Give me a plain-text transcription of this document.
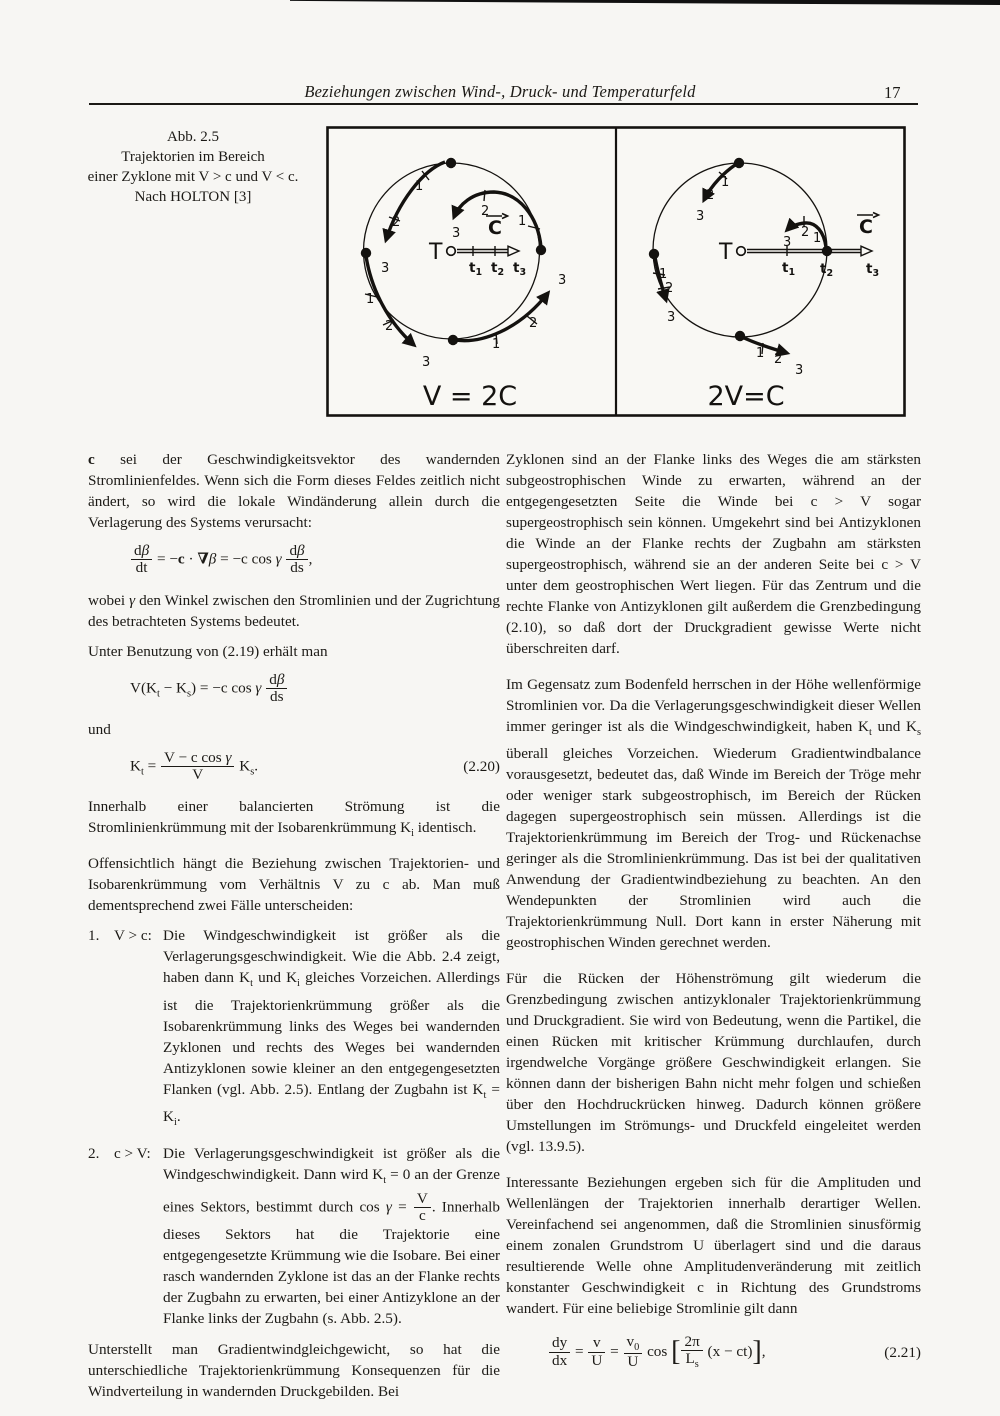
Beziehungen zwischen Wind-, Druck- und Temperaturfeld	17
Abb. 2.5
Trajektorien im Bereich
einer Zyklone mit V > c und V < c.
Nach HOLTON [3]
T
C
1
2
3
1
2
3
1
2
3
1
2
3
$t_1$ $t_2$ $t_3$
V = 2C
T
C
1
2
3
1
2
3
1
2
3
1 2
3
$t_1$ $t_2$ $t_3$
2V=C

c sei der Geschwindigkeitsvektor des wandernden Stromlinienfeldes. Wenn sich die Form dieses Feldes zeitlich nicht ändert, so wird die lokale Windänderung allein durch die Verlagerung des Systems verursacht:

$\frac{d\beta}{dt} = -c \cdot \nabla\beta = -c$ cos γ $\frac{d\beta}{ds}$ ,

wobei γ den Winkel zwischen den Stromlinien und der Zugrichtung des betrachteten Systems bedeutet.

Unter Benutzung von (2.19) erhält man

$V(K_t - K_s) = -c$ cos γ $\frac{d\beta}{ds}$

und

$K_t = \frac{\text{V − c cos γ}}{V} K_s$.	(2.20)

Innerhalb einer balancierten Strömung ist die Stromlinienkrümmung mit der Isobarenkrümmung $K_i$ identisch.

Offensichtlich hängt die Beziehung zwischen Trajektorien- und Isobarenkrümmung vom Verhältnis V zu c ab. Man muß dementsprechend zwei Fälle unterscheiden:

1. V > c: Die Windgeschwindigkeit ist größer als die Verlagerungsgeschwindigkeit. Wie die Abb. 2.4 zeigt, haben dann $K_t$ und $K_i$ gleiches Vorzeichen. Allerdings ist die Trajektorienkrümmung größer als die Isobarenkrümmung links des Weges bei wandernden Zyklonen und rechts des Weges bei wandernden Antizyklonen sowie kleiner an den entgegengesetzten Flanken (vgl. Abb. 2.5). Entlang der Zugbahn ist $K_t = K_i$.
2. c > V: Die Verlagerungsgeschwindigkeit ist größer als die Windgeschwindigkeit. Dann wird $K_t = 0$ an der Grenze eines Sektors, bestimmt durch $\cos \gamma = \frac{V}{c}$ . Innerhalb dieses Sektors hat die Trajektorie eine entgegengesetzte Krümmung wie die Isobare. Bei einer rasch wandernden Zyklone ist das an der Flanke rechts der Zugbahn zu erwarten, bei einer Antizyklone an der Flanke links der Zugbahn (s. Abb. 2.5).

Unterstellt man Gradientwindgleichgewicht, so hat die unterschiedliche Trajektorienkrümmung Konsequenzen für die Windverteilung in wandernden Druckgebilden. Bei

Zyklonen sind an der Flanke links des Weges die am stärksten subgeostrophischen Winde zu erwarten, während an der entgegengesetzten Seite die Winde bei c > V sogar supergeostrophisch sein können. Umgekehrt sind bei Antizyklonen die Winde an der Flanke rechts der Zugbahn am stärksten supergeostrophisch, während sie an der anderen Seite bei c > V unter dem geostrophischen Wert liegen. Für das Zentrum und die rechte Flanke von Antizyklonen gilt außerdem die Grenzbedingung (2.10), so daß dort der Druckgradient gewisse Werte nicht überschreiten darf.

Im Gegensatz zum Bodenfeld herrschen in der Höhe wellenförmige Stromlinien vor. Da die Verlagerungsgeschwindigkeit dieser Wellen immer geringer ist als die Windgeschwindigkeit, haben $K_t$ und $K_s$ überall gleiches Vorzeichen. Wiederum Gradientwindbalance vorausgesetzt, bedeutet das, daß Winde im Bereich der Tröge mehr oder weniger stark subgeostrophisch, im Bereich der Rücken dagegen supergeostrophisch sein müssen. Allerdings ist die Trajektorienkrümmung im Bereich der Trog- und Rückenachse geringer als die Stromlinienkrümmung. Das ist bei der qualitativen Anwendung der Gradientwindbeziehung zu beachten. An den Wendepunkten der Stromlinien wird auch die Trajektorienkrümmung Null. Dort kann in erster Näherung mit geostrophischen Winden gerechnet werden.

Für die Rücken der Höhenströmung gilt wiederum die Grenzbedingung zwischen antizyklonaler Trajektorienkrümmung und Druckgradient. Sie wird von Bedeutung, wenn die Partikel, die einen Rücken mit kritischer Krümmung durchlaufen, durch irgendwelche Vorgänge größere Geschwindigkeit erlangen. Sie können dann der bisherigen Bahn nicht mehr folgen und schießen über den Hochdruckrücken hinweg. Dadurch können größere Umstellungen im Strömungs- und Druckfeld eingeleitet werden (vgl. 13.9.5).

Interessante Beziehungen ergeben sich für die Amplituden und Wellenlängen der Trajektorien innerhalb derartiger Wellen. Vereinfachend sei angenommen, daß die Stromlinien sinusförmig einem zonalen Grundstrom U überlagert sind und die daraus resultierende Welle ohne Amplitudenveränderung mit zeitlich konstanter Geschwindigkeit c in Richtung des Grundstroms wandert. Für eine beliebige Stromlinie gilt dann

$\frac{dy}{dx} = \frac{v}{U} = \frac{v_0}{U}$ cos [ $\frac{2\pi}{L_s} (x - ct)$],	(2.21)
